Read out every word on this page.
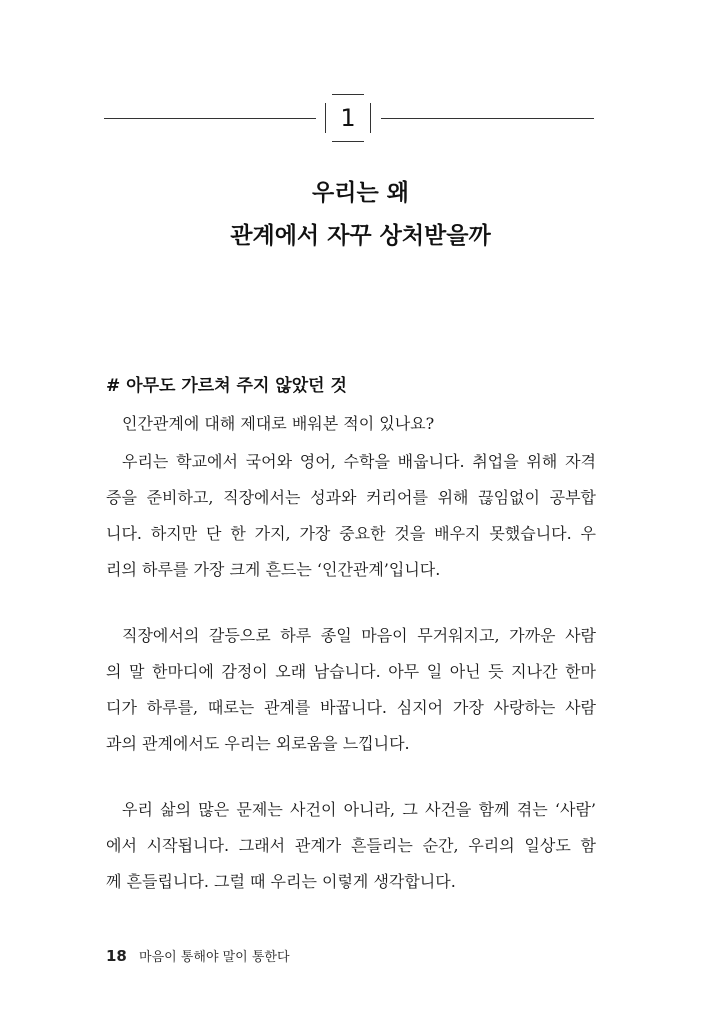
1
우리는 왜
관계에서 자꾸 상처받을까
# 아무도 가르쳐 주지 않았던 것
인간관계에 대해 제대로 배워본 적이 있나요?
우리는 학교에서 국어와 영어, 수학을 배웁니다. 취업을 위해 자격
증을 준비하고, 직장에서는 성과와 커리어를 위해 끊임없이 공부합
니다. 하지만 단 한 가지, 가장 중요한 것을 배우지 못했습니다. 우
리의 하루를 가장 크게 흔드는 ‘인간관계’입니다.
직장에서의 갈등으로 하루 종일 마음이 무거워지고, 가까운 사람
의 말 한마디에 감정이 오래 남습니다. 아무 일 아닌 듯 지나간 한마
디가 하루를, 때로는 관계를 바꿉니다. 심지어 가장 사랑하는 사람
과의 관계에서도 우리는 외로움을 느낍니다.
우리 삶의 많은 문제는 사건이 아니라, 그 사건을 함께 겪는 ‘사람’
에서 시작됩니다. 그래서 관계가 흔들리는 순간, 우리의 일상도 함
께 흔들립니다. 그럴 때 우리는 이렇게 생각합니다.
18 마음이 통해야 말이 통한다
